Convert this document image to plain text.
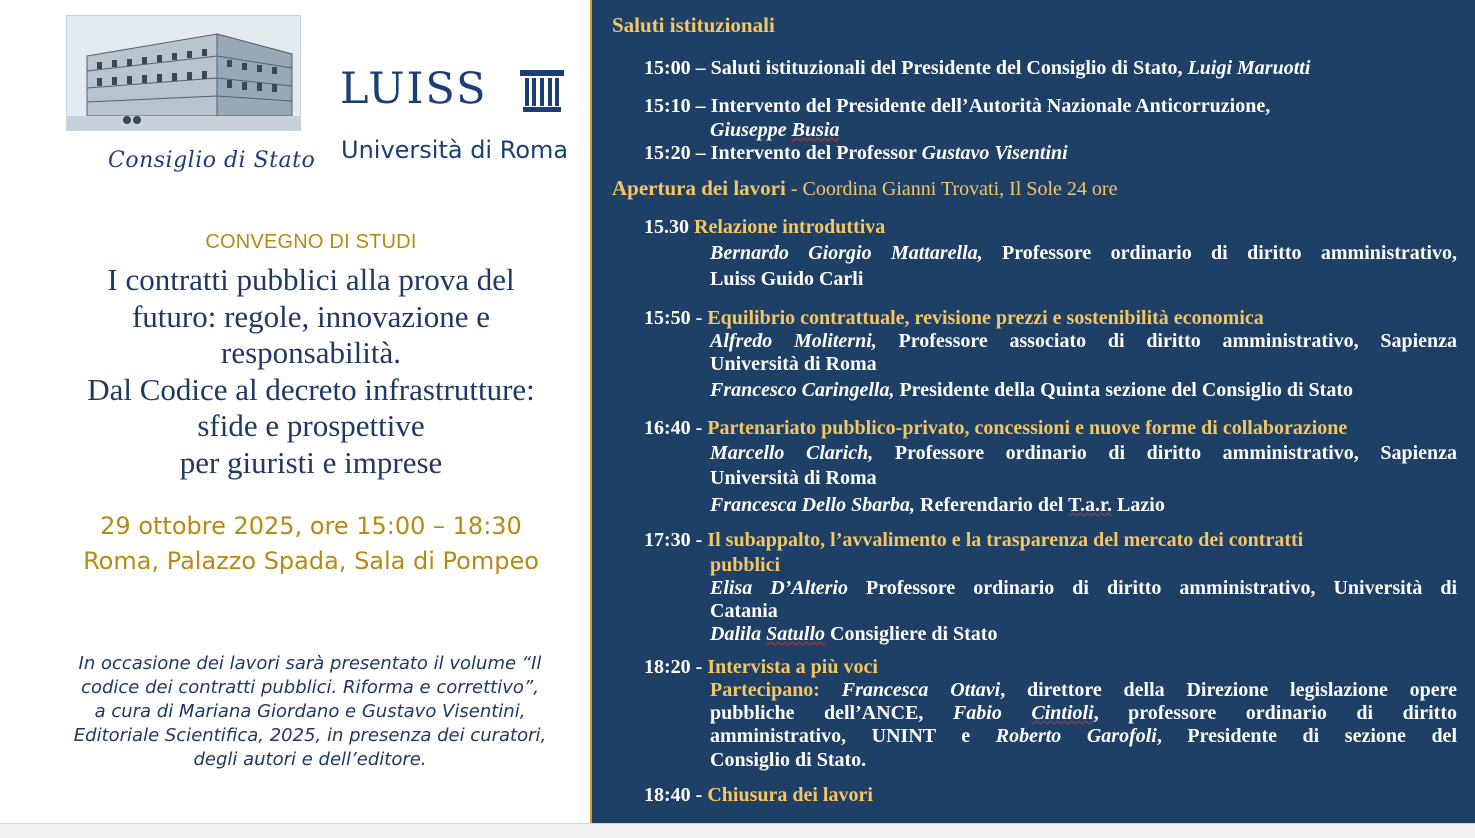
Consiglio di Stato
LUISS
Università di Roma
CONVEGNO DI STUDI
I contratti pubblici alla prova del
futuro: regole, innovazione e
responsabilità.
Dal Codice al decreto infrastrutture:
sfide e prospettive
per giuristi e imprese
29 ottobre 2025, ore 15:00 – 18:30
Roma, Palazzo Spada, Sala di Pompeo
In occasione dei lavori sarà presentato il volume “Il
codice dei contratti pubblici. Riforma e correttivo”,
a cura di Mariana Giordano e Gustavo Visentini,
Editoriale Scientifica, 2025, in presenza dei curatori,
degli autori e dell’editore.
Saluti istituzionali
15:00 – Saluti istituzionali del Presidente del Consiglio di Stato, Luigi Maruotti
15:10 – Intervento del Presidente dell’Autorità Nazionale Anticorruzione,
Giuseppe Busia
15:20 – Intervento del Professor Gustavo Visentini
Apertura dei lavori - Coordina Gianni Trovati, Il Sole 24 ore
15.30 Relazione introduttiva
Bernardo Giorgio Mattarella, Professore ordinario di diritto amministrativo,
Luiss Guido Carli
15:50 - Equilibrio contrattuale, revisione prezzi e sostenibilità economica
Alfredo Moliterni, Professore associato di diritto amministrativo, Sapienza
Università di Roma
Francesco Caringella, Presidente della Quinta sezione del Consiglio di Stato
16:40 - Partenariato pubblico-privato, concessioni e nuove forme di collaborazione
Marcello Clarich, Professore ordinario di diritto amministrativo, Sapienza
Università di Roma
Francesca Dello Sbarba, Referendario del T.a.r. Lazio
17:30 - Il subappalto, l’avvalimento e la trasparenza del mercato dei contratti
pubblici
Elisa D’Alterio Professore ordinario di diritto amministrativo, Università di
Catania
Dalila Satullo Consigliere di Stato
18:20 - Intervista a più voci
Partecipano: Francesca Ottavi, direttore della Direzione legislazione opere
pubbliche dell’ANCE, Fabio Cintioli, professore ordinario di diritto
amministrativo, UNINT e Roberto Garofoli, Presidente di sezione del
Consiglio di Stato.
18:40 - Chiusura dei lavori
